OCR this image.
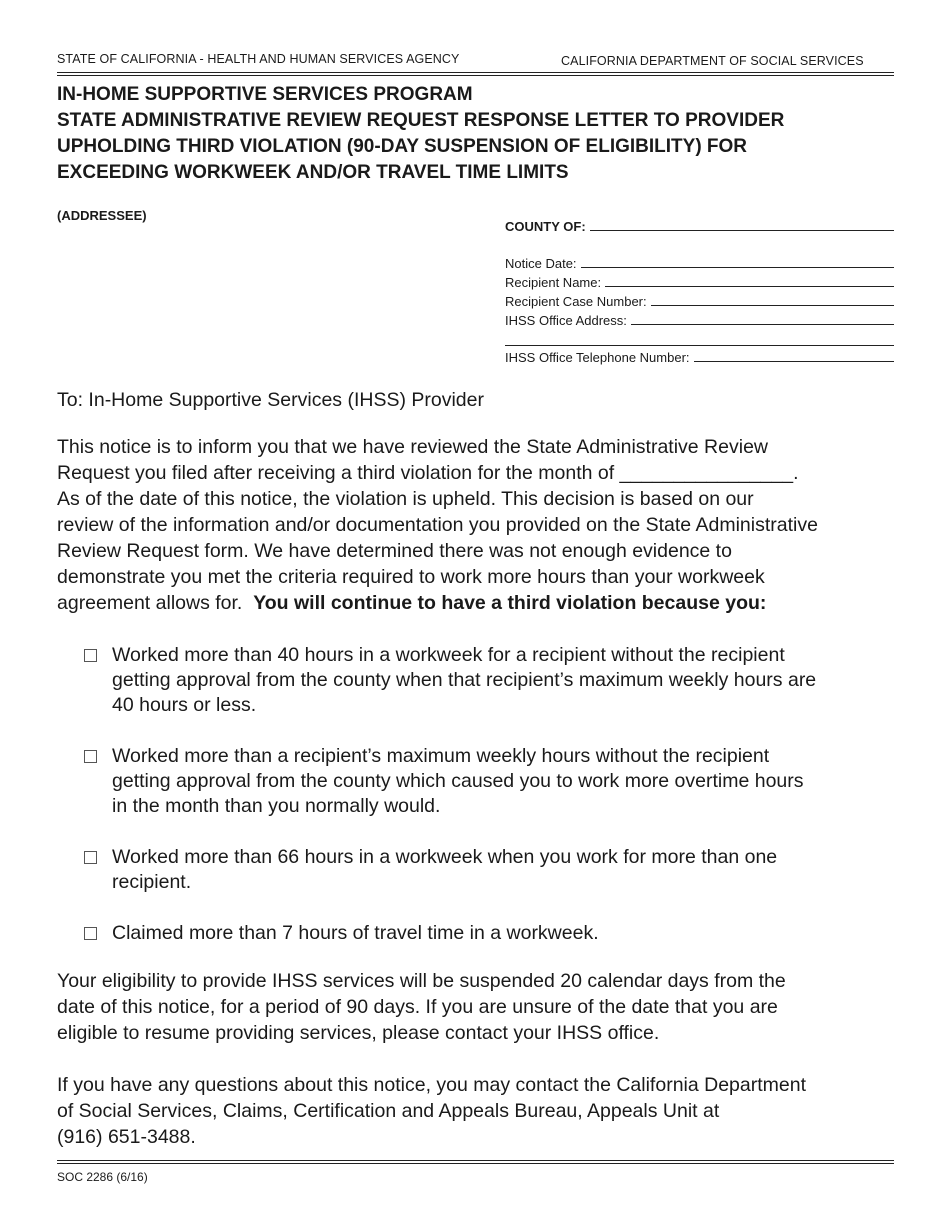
STATE OF CALIFORNIA - HEALTH AND HUMAN SERVICES AGENCY	CALIFORNIA DEPARTMENT OF SOCIAL SERVICES
IN-HOME SUPPORTIVE SERVICES PROGRAM
STATE ADMINISTRATIVE REVIEW REQUEST RESPONSE LETTER TO PROVIDER
UPHOLDING THIRD VIOLATION (90-DAY SUSPENSION OF ELIGIBILITY) FOR
EXCEEDING WORKWEEK AND/OR TRAVEL TIME LIMITS
(ADDRESSEE)
COUNTY OF:
Notice Date:
Recipient Name:
Recipient Case Number:
IHSS Office Address:
IHSS Office Telephone Number:
To: In-Home Supportive Services (IHSS) Provider
This notice is to inform you that we have reviewed the State Administrative Review
Request you filed after receiving a third violation for the month of ________________.
As of the date of this notice, the violation is upheld. This decision is based on our
review of the information and/or documentation you provided on the State Administrative
Review Request form. We have determined there was not enough evidence to
demonstrate you met the criteria required to work more hours than your workweek
agreement allows for.  You will continue to have a third violation because you:
Worked more than 40 hours in a workweek for a recipient without the recipient
getting approval from the county when that recipient’s maximum weekly hours are
40 hours or less.
Worked more than a recipient’s maximum weekly hours without the recipient
getting approval from the county which caused you to work more overtime hours
in the month than you normally would.
Worked more than 66 hours in a workweek when you work for more than one
recipient.
Claimed more than 7 hours of travel time in a workweek.
Your eligibility to provide IHSS services will be suspended 20 calendar days from the
date of this notice, for a period of 90 days. If you are unsure of the date that you are
eligible to resume providing services, please contact your IHSS office.
If you have any questions about this notice, you may contact the California Department
of Social Services, Claims, Certification and Appeals Bureau, Appeals Unit at
(916) 651-3488.
SOC 2286 (6/16)
